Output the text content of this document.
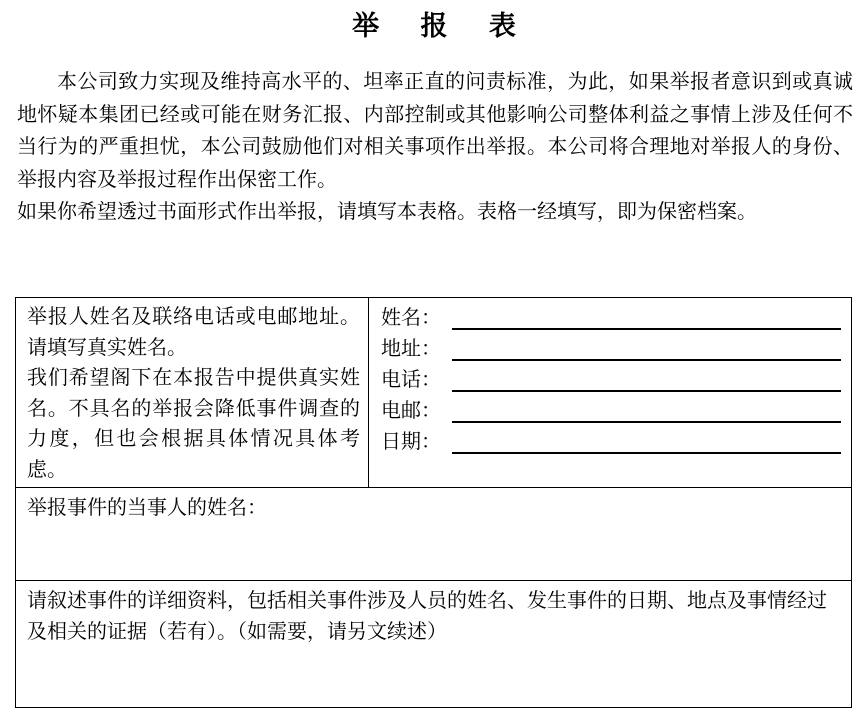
举 报 表

本公司致力实现及维持高水平的、坦率正直的问责标准，为此，如果举报者意识到或真诚地怀疑本集团已经或可能在财务汇报、内部控制或其他影响公司整体利益之事情上涉及任何不当行为的严重担忧，本公司鼓励他们对相关事项作出举报。本公司将合理地对举报人的身份、举报内容及举报过程作出保密工作。

如果你希望透过书面形式作出举报，请填写本表格。表格一经填写，即为保密档案。

举报人姓名及联络电话或电邮地址。请填写真实姓名。

我们希望阁下在本报告中提供真实姓名。不具名的举报会降低事件调查的力度，但也会根据具体情况具体考虑。

姓名：
地址：
电话：
电邮：
日期：
举报事件的当事人的姓名：
请叙述事件的详细资料，包括相关事件涉及人员的姓名、发生事件的日期、地点及事情经过及相关的证据（若有）。（如需要，请另文续述）
